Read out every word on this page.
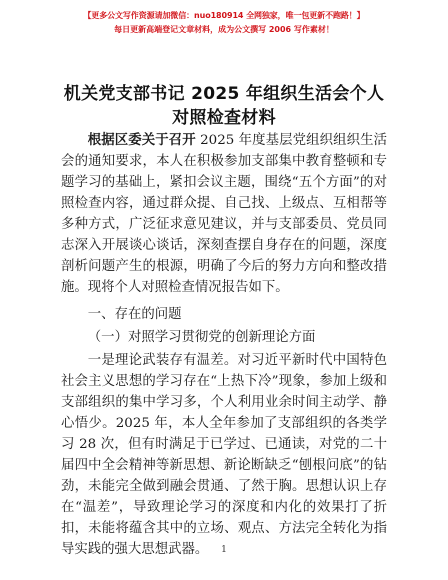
【更多公文写作资源请加微信：nuo180914 全网独家，唯一包更新不跑路！】
每日更新高端登记文章材料，成为公文撰写 2006 写作素材！
机关党支部书记 2025 年组织生活会个人对照检查材料

根据区委关于召开 2025 年度基层党组织组织生活会的通知要求，本人在积极参加支部集中教育整顿和专题学习的基础上，紧扣会议主题，围绕“五个方面”的对照检查内容，通过群众提、自己找、上级点、互相帮等多种方式，广泛征求意见建议，并与支部委员、党员同志深入开展谈心谈话，深刻查摆自身存在的问题，深度剖析问题产生的根源，明确了今后的努力方向和整改措施。现将个人对照检查情况报告如下。

一、存在的问题

（一）对照学习贯彻党的创新理论方面

一是理论武装存有温差。对习近平新时代中国特色社会主义思想的学习存在“上热下冷”现象，参加上级和支部组织的集中学习多，个人利用业余时间主动学、静心悟少。2025 年，本人全年参加了支部组织的各类学习 28 次，但有时满足于已学过、已通读，对党的二十届四中全会精神等新思想、新论断缺乏“刨根问底”的钻劲，未能完全做到融会贯通、了然于胸。思想认识上存在“温差”，导致理论学习的深度和内化的效果打了折扣，未能将蕴含其中的立场、观点、方法完全转化为指导实践的强大思想武器。	1
